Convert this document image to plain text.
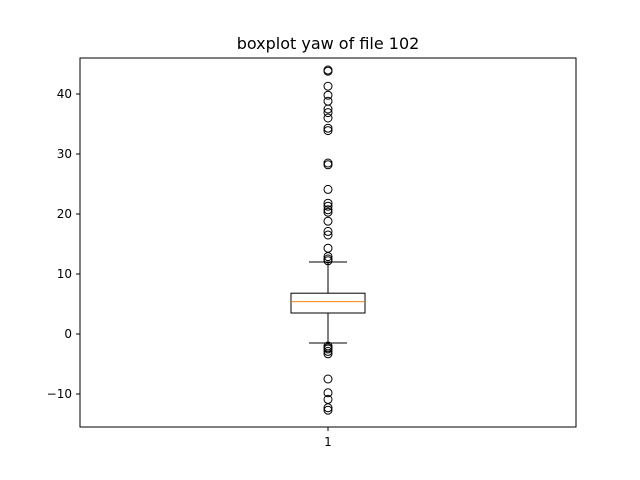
boxplot yaw of file 102
−10
0
10
20
30
40
1
